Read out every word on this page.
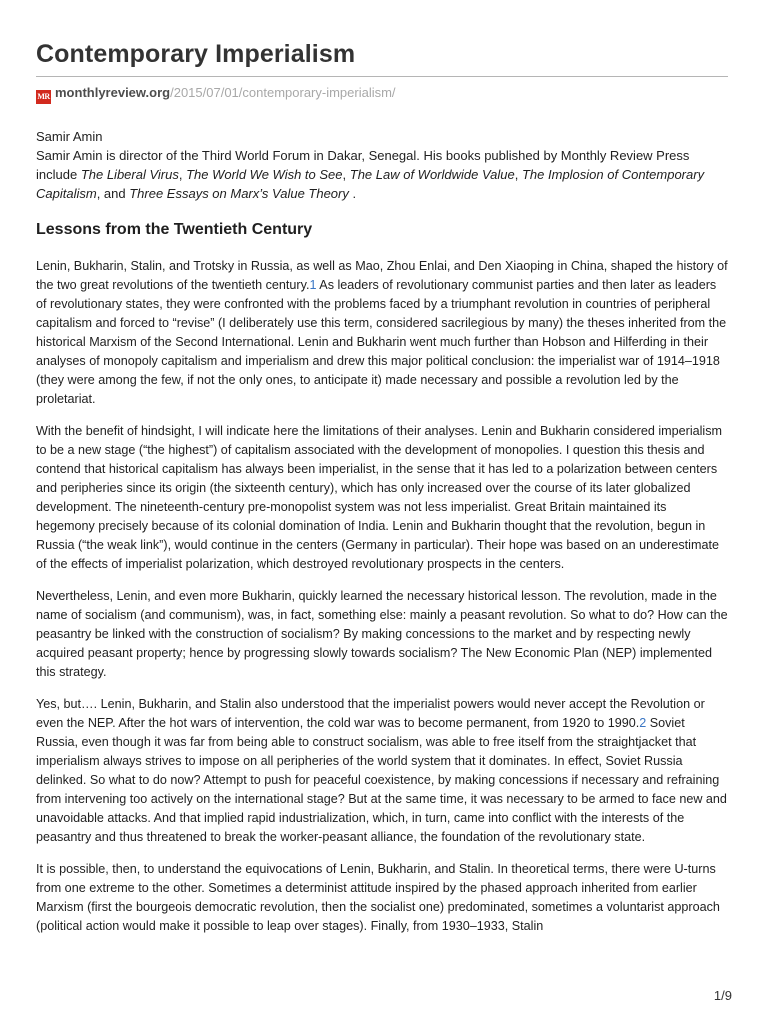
Contemporary Imperialism
MR monthlyreview.org/2015/07/01/contemporary-imperialism/

Samir Amin

Samir Amin is director of the Third World Forum in Dakar, Senegal. His books published by Monthly Review Press include The Liberal Virus, The World We Wish to See, The Law of Worldwide Value, The Implosion of Contemporary Capitalism, and Three Essays on Marx’s Value Theory .

Lessons from the Twentieth Century

Lenin, Bukharin, Stalin, and Trotsky in Russia, as well as Mao, Zhou Enlai, and Den Xiaoping in China, shaped the history of the two great revolutions of the twentieth century.1 As leaders of revolutionary communist parties and then later as leaders of revolutionary states, they were confronted with the problems faced by a triumphant revolution in countries of peripheral capitalism and forced to “revise” (I deliberately use this term, considered sacrilegious by many) the theses inherited from the historical Marxism of the Second International. Lenin and Bukharin went much further than Hobson and Hilferding in their analyses of monopoly capitalism and imperialism and drew this major political conclusion: the imperialist war of 1914–1918 (they were among the few, if not the only ones, to anticipate it) made necessary and possible a revolution led by the proletariat.

With the benefit of hindsight, I will indicate here the limitations of their analyses. Lenin and Bukharin considered imperialism to be a new stage (“the highest”) of capitalism associated with the development of monopolies. I question this thesis and contend that historical capitalism has always been imperialist, in the sense that it has led to a polarization between centers and peripheries since its origin (the sixteenth century), which has only increased over the course of its later globalized development. The nineteenth-century pre-monopolist system was not less imperialist. Great Britain maintained its hegemony precisely because of its colonial domination of India. Lenin and Bukharin thought that the revolution, begun in Russia (“the weak link”), would continue in the centers (Germany in particular). Their hope was based on an underestimate of the effects of imperialist polarization, which destroyed revolutionary prospects in the centers.

Nevertheless, Lenin, and even more Bukharin, quickly learned the necessary historical lesson. The revolution, made in the name of socialism (and communism), was, in fact, something else: mainly a peasant revolution. So what to do? How can the peasantry be linked with the construction of socialism? By making concessions to the market and by respecting newly acquired peasant property; hence by progressing slowly towards socialism? The New Economic Plan (NEP) implemented this strategy.

Yes, but…. Lenin, Bukharin, and Stalin also understood that the imperialist powers would never accept the Revolution or even the NEP. After the hot wars of intervention, the cold war was to become permanent, from 1920 to 1990.2 Soviet Russia, even though it was far from being able to construct socialism, was able to free itself from the straightjacket that imperialism always strives to impose on all peripheries of the world system that it dominates. In effect, Soviet Russia delinked. So what to do now? Attempt to push for peaceful coexistence, by making concessions if necessary and refraining from intervening too actively on the international stage? But at the same time, it was necessary to be armed to face new and unavoidable attacks. And that implied rapid industrialization, which, in turn, came into conflict with the interests of the peasantry and thus threatened to break the worker-peasant alliance, the foundation of the revolutionary state.

It is possible, then, to understand the equivocations of Lenin, Bukharin, and Stalin. In theoretical terms, there were U-turns from one extreme to the other. Sometimes a determinist attitude inspired by the phased approach inherited from earlier Marxism (first the bourgeois democratic revolution, then the socialist one) predominated, sometimes a voluntarist approach (political action would make it possible to leap over stages). Finally, from 1930–1933, Stalin

1/9
